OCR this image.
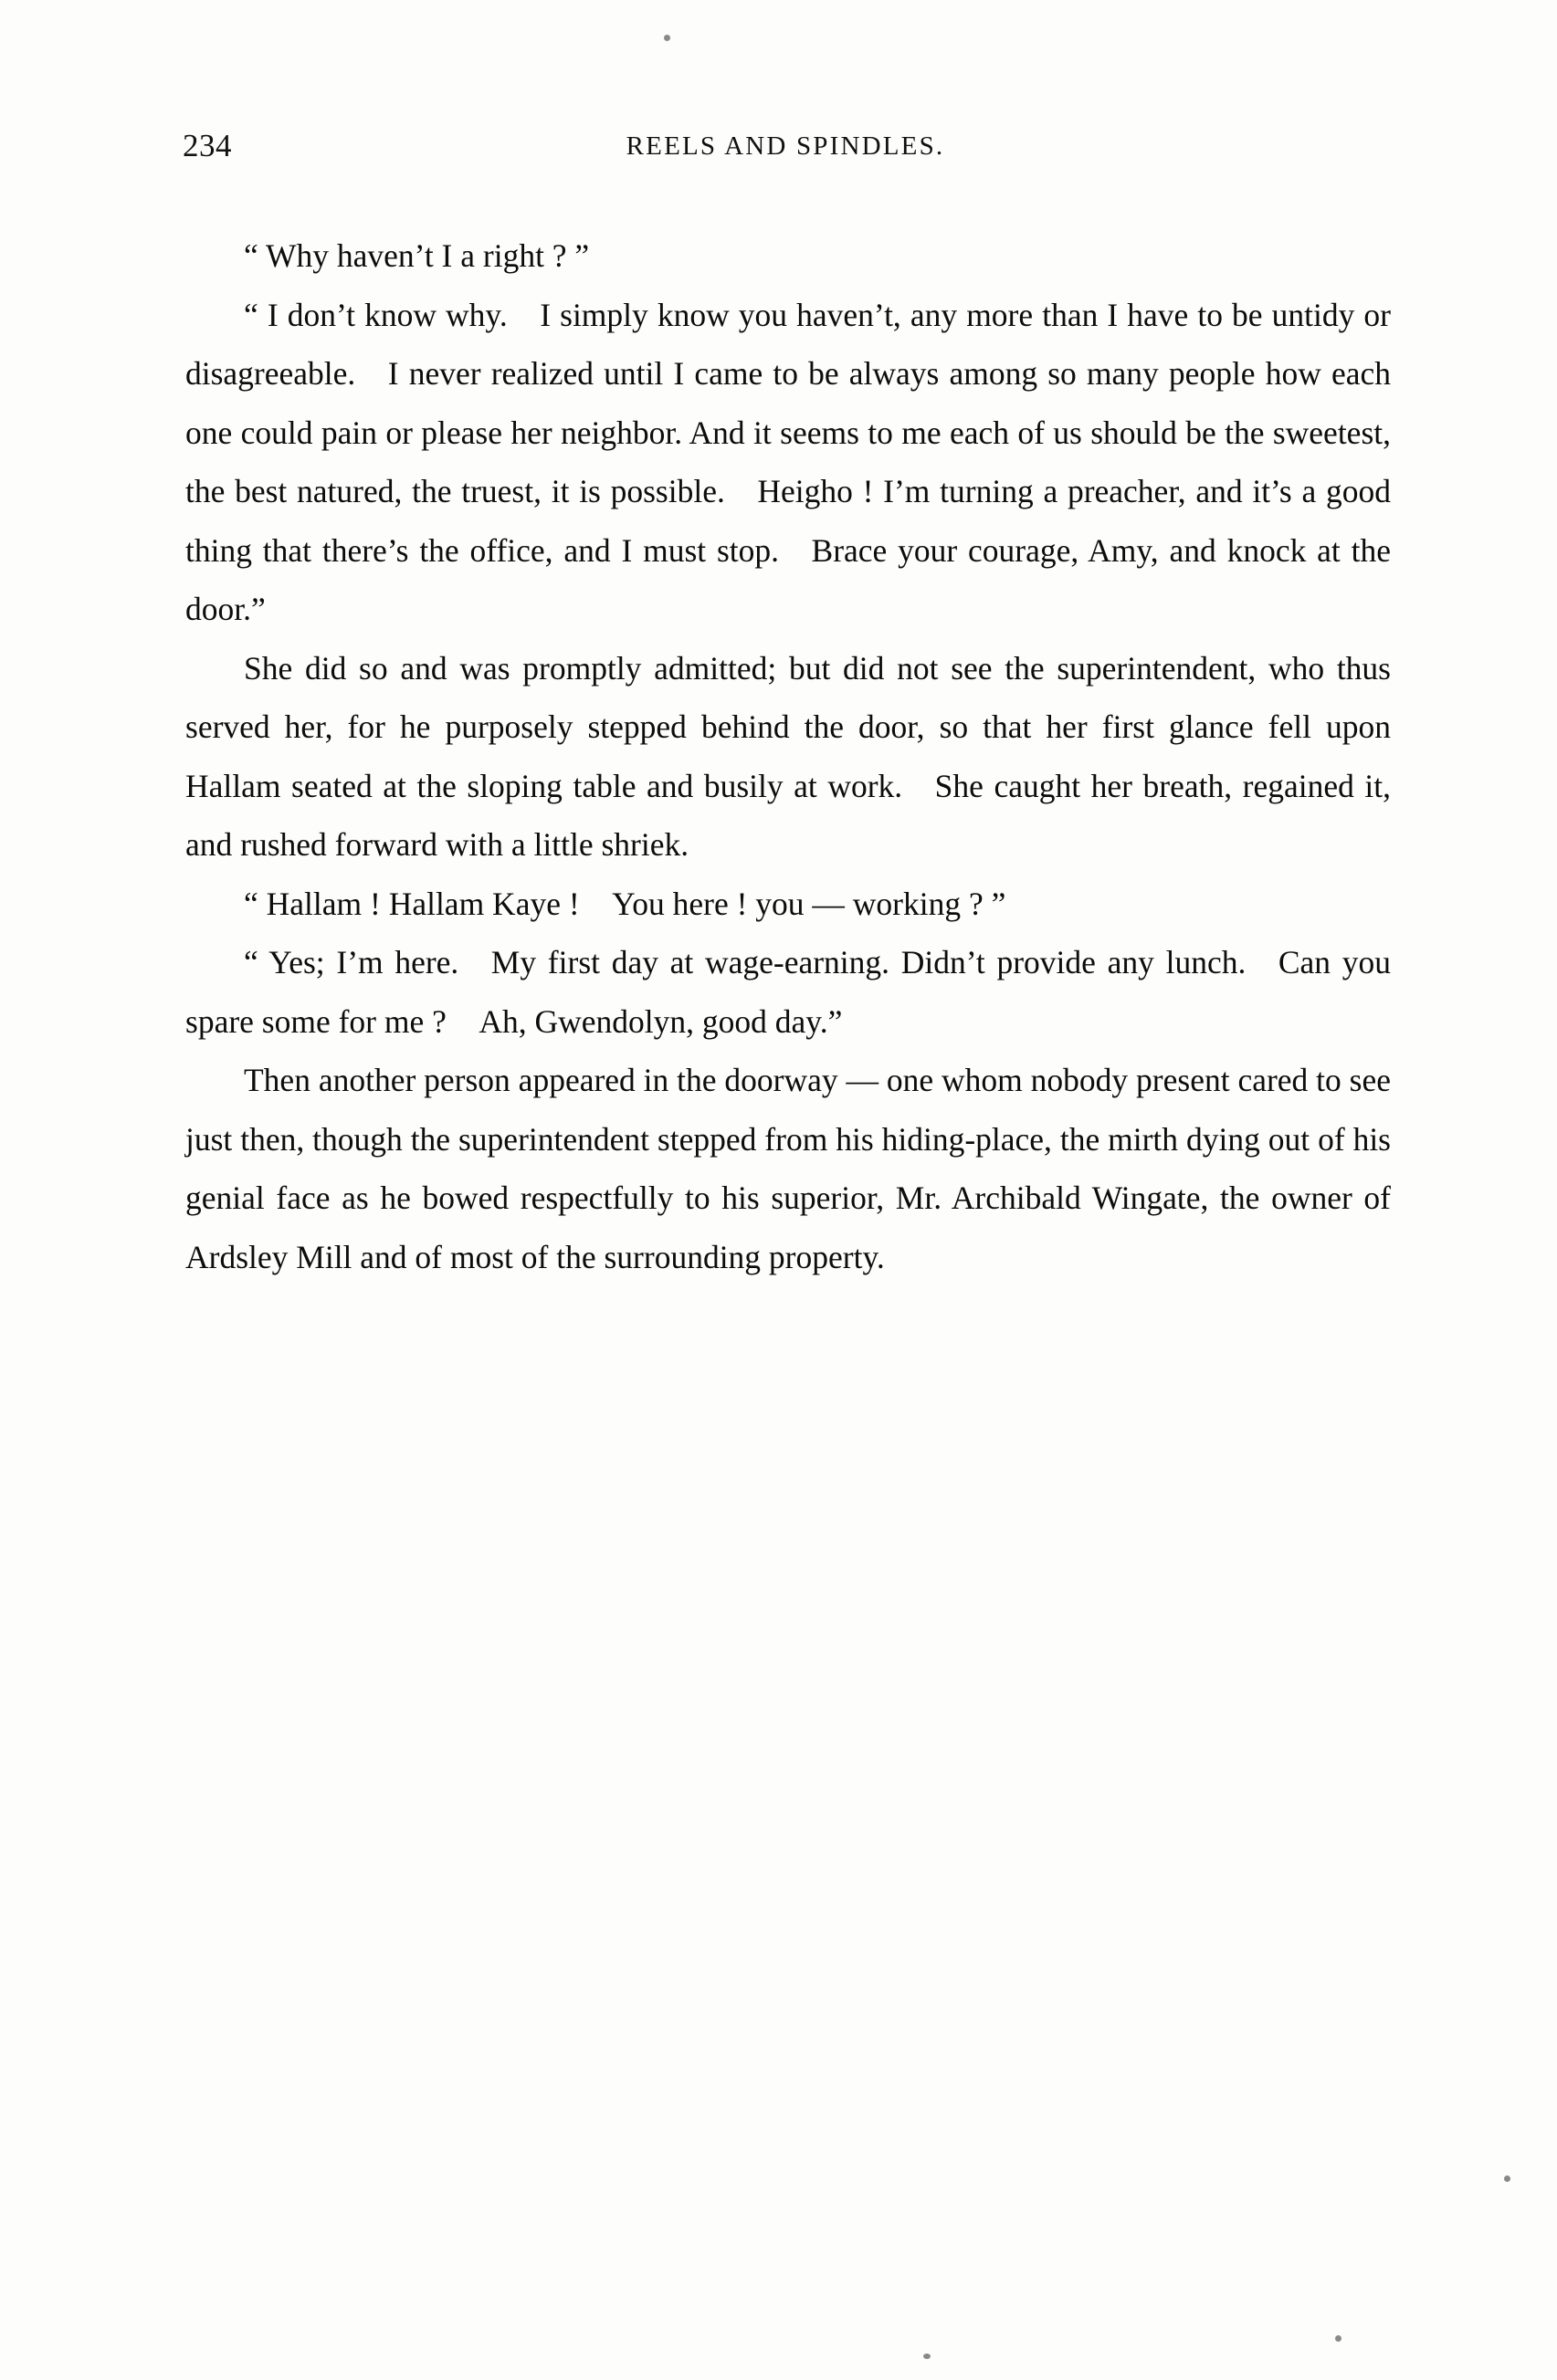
234	REELS AND SPINDLES.

“ Why haven’t I a right ? ”

“ I don’t know why. I simply know you haven’t, any more than I have to be untidy or disagreeable. I never realized until I came to be always among so many people how each one could pain or please her neighbor. And it seems to me each of us should be the sweetest, the best natured, the truest, it is possible. Heigho ! I’m turning a preacher, and it’s a good thing that there’s the office, and I must stop. Brace your courage, Amy, and knock at the door.”

She did so and was promptly admitted; but did not see the superintendent, who thus served her, for he purposely stepped behind the door, so that her first glance fell upon Hallam seated at the sloping table and busily at work. She caught her breath, regained it, and rushed forward with a little shriek.

“ Hallam ! Hallam Kaye ! You here ! you — working ? ”

“ Yes; I’m here. My first day at wage-earning. Didn’t provide any lunch. Can you spare some for me ? Ah, Gwendolyn, good day.”

Then another person appeared in the doorway — one whom nobody present cared to see just then, though the superintendent stepped from his hiding-place, the mirth dying out of his genial face as he bowed respectfully to his superior, Mr. Archibald Wingate, the owner of Ardsley Mill and of most of the surrounding property.
